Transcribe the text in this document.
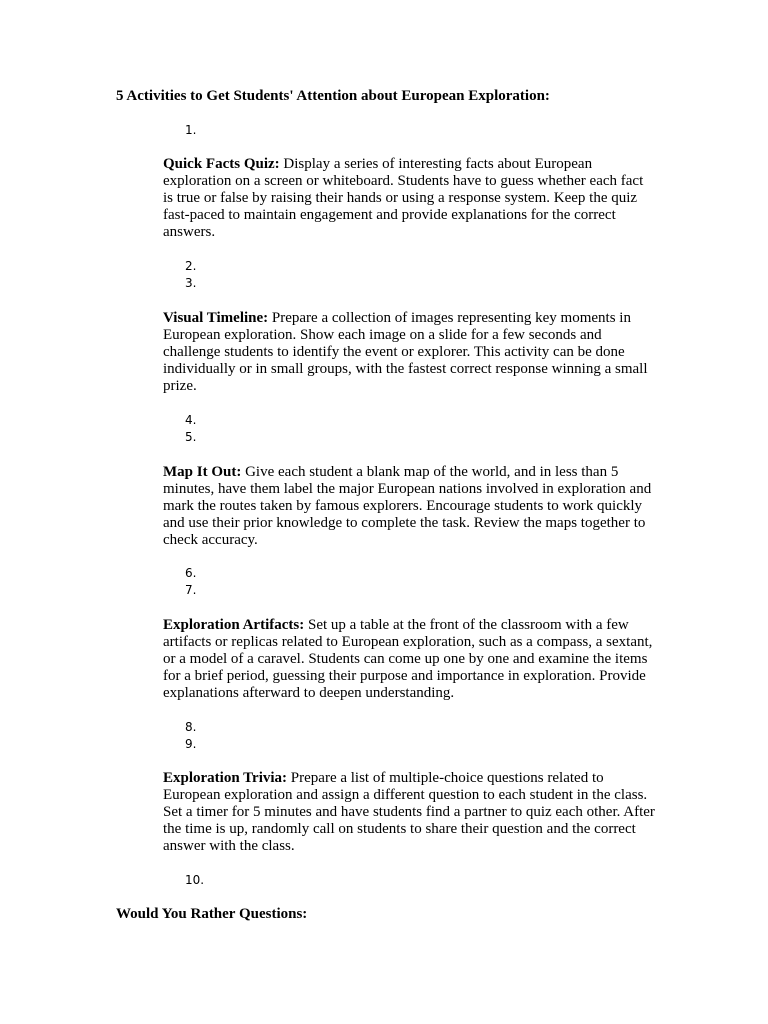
5 Activities to Get Students' Attention about European Exploration:
1.

Quick Facts Quiz: Display a series of interesting facts about European exploration on a screen or whiteboard. Students have to guess whether each fact is true or false by raising their hands or using a response system. Keep the quiz fast-paced to maintain engagement and provide explanations for the correct answers.

2.
3.

Visual Timeline: Prepare a collection of images representing key moments in European exploration. Show each image on a slide for a few seconds and challenge students to identify the event or explorer. This activity can be done individually or in small groups, with the fastest correct response winning a small prize.

4.
5.

Map It Out: Give each student a blank map of the world, and in less than 5 minutes, have them label the major European nations involved in exploration and mark the routes taken by famous explorers. Encourage students to work quickly and use their prior knowledge to complete the task. Review the maps together to check accuracy.

6.
7.

Exploration Artifacts: Set up a table at the front of the classroom with a few artifacts or replicas related to European exploration, such as a compass, a sextant, or a model of a caravel. Students can come up one by one and examine the items for a brief period, guessing their purpose and importance in exploration. Provide explanations afterward to deepen understanding.

8.
9.

Exploration Trivia: Prepare a list of multiple-choice questions related to European exploration and assign a different question to each student in the class. Set a timer for 5 minutes and have students find a partner to quiz each other. After the time is up, randomly call on students to share their question and the correct answer with the class.

10.
Would You Rather Questions:
